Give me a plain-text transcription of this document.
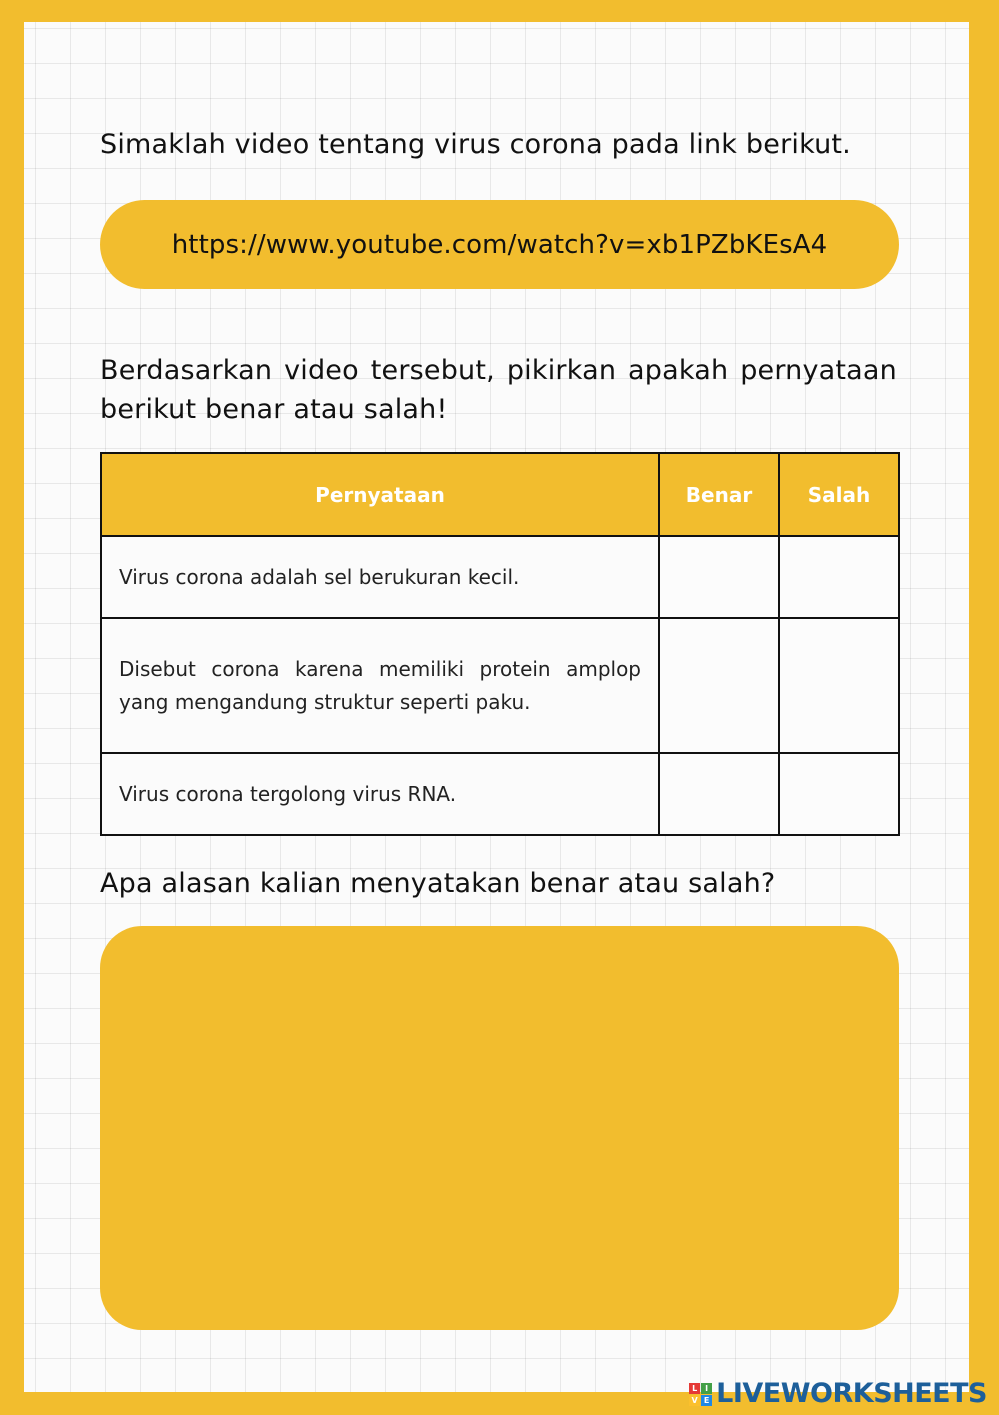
Simaklah video tentang virus corona pada link berikut.

https://www.youtube.com/watch?v=xb1PZbKEsA4

Berdasarkan video tersebut, pikirkan apakah pernyataan berikut benar atau salah!

Pernyataan	Benar	Salah
Virus corona adalah sel berukuran kecil.		
Disebut corona karena memiliki protein amplop yang mengandung struktur seperti paku.		
Virus corona tergolong virus RNA.		

Apa alasan kalian menyatakan benar atau salah?

L I
V E LIVEWORKSHEETS
